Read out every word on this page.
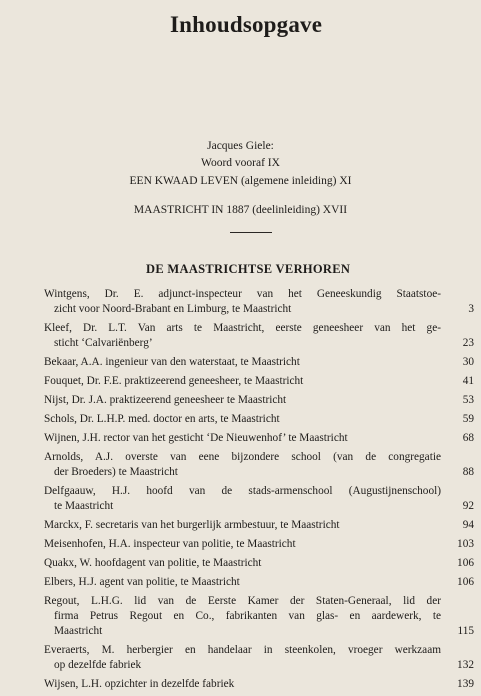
Inhoudsopgave
Jacques Giele:
Woord vooraf IX
EEN KWAAD LEVEN (algemene inleiding) XI
MAASTRICHT IN 1887 (deelinleiding) XVII
DE MAASTRICHTSE VERHOREN
Wintgens, Dr. E. adjunct-inspecteur van het Geneeskundig Staatstoe-
zicht voor Noord-Brabant en Limburg, te Maastricht	3
Kleef, Dr. L.T. Van arts te Maastricht, eerste geneesheer van het ge-
sticht ‘Calvariënberg’	23
Bekaar, A.A. ingenieur van den waterstaat, te Maastricht	30
Fouquet, Dr. F.E. praktizeerend geneesheer, te Maastricht	41
Nijst, Dr. J.A. praktizeerend geneesheer te Maastricht	53
Schols, Dr. L.H.P. med. doctor en arts, te Maastricht	59
Wijnen, J.H. rector van het gesticht ‘De Nieuwenhof’ te Maastricht	68
Arnolds, A.J. overste van eene bijzondere school (van de congregatie
der Broeders) te Maastricht	88
Delfgaauw, H.J. hoofd van de stads-armenschool (Augustijnenschool)
te Maastricht	92
Marckx, F. secretaris van het burgerlijk armbestuur, te Maastricht	94
Meisenhofen, H.A. inspecteur van politie, te Maastricht	103
Quakx, W. hoofdagent van politie, te Maastricht	106
Elbers, H.J. agent van politie, te Maastricht	106
Regout, L.H.G. lid van de Eerste Kamer der Staten-Generaal, lid der
firma Petrus Regout en Co., fabrikanten van glas- en aardewerk, te
Maastricht	115
Everaerts, M. herbergier en handelaar in steenkolen, vroeger werkzaam
op dezelfde fabriek	132
Wijsen, L.H. opzichter in dezelfde fabriek	139
